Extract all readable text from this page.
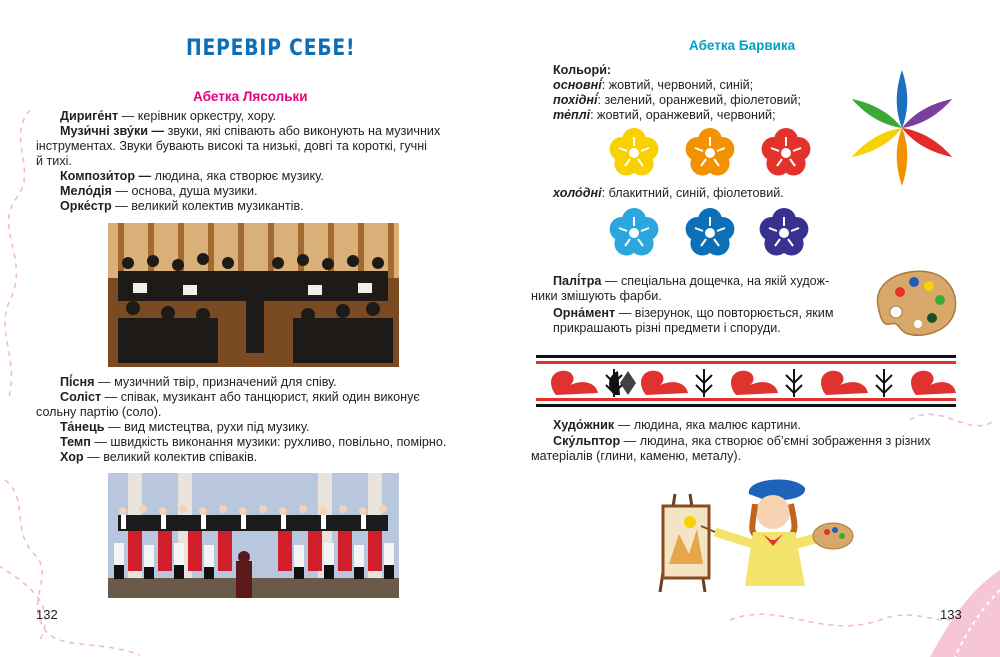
ПЕРЕВІР СЕБЕ!
Абетка Лясольки
Дириге́нт — керівник оркестру, хору.
Музи́чні зву́ки — звуки, які співають або виконують на музичних
інструментах. Звуки бувають високі та низькі, довгі та короткі, гучні
й тихі.
Компози́тор — людина, яка створює музику.
Мело́дія — основа, душа музики.
Орке́стр — великий колектив музикантів.
Пі́сня — музичний твір, призначений для співу.
Соліст — співак, музикант або танцюрист, який один виконує
сольну партію (соло).
Та́нець — вид мистецтва, рухи під музику.
Темп — швидкість виконання музики: рухливо, повільно, помірно.
Хор — великий колектив співаків.
132
Абетка Барвика
Кольори́:
основні́: жовтий, червоний, синій;
похідні́: зелений, оранжевий, фіолетовий;
те́плі: жовтий, оранжевий, червоний;
холо́дні: блакитний, синій, фіолетовий.
Палі́тра — спеціальна дощечка, на якій худож-
ники змішують фарби.
Орна́мент — візерунок, що повторюється, яким
прикрашають різні предмети і споруди.
Худо́жник — людина, яка малює картини.
Ску́льптор — людина, яка створює об’ємні зображення з різних
матеріалів (глини, каменю, металу).
133
